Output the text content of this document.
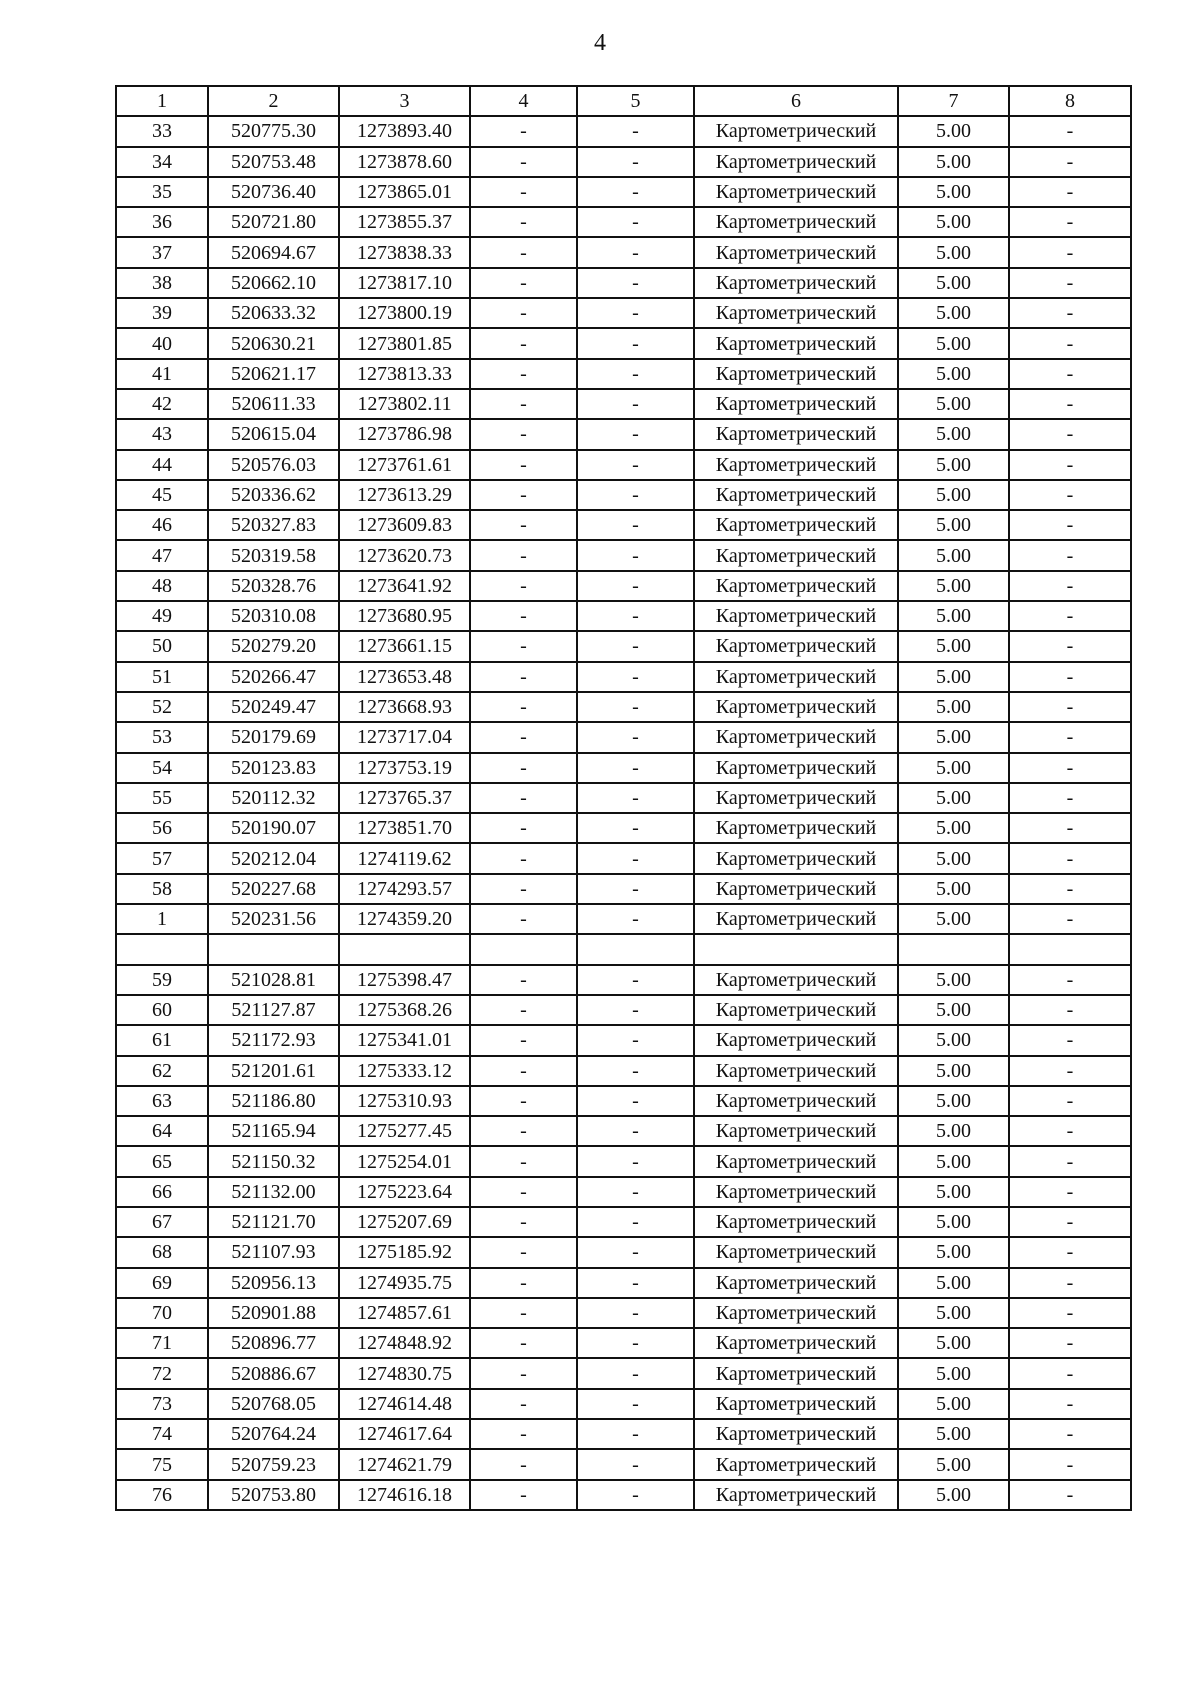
4
1	2	3	4	5	6	7	8
33	520775.30	1273893.40	-	-	Картометрический	5.00	-
34	520753.48	1273878.60	-	-	Картометрический	5.00	-
35	520736.40	1273865.01	-	-	Картометрический	5.00	-
36	520721.80	1273855.37	-	-	Картометрический	5.00	-
37	520694.67	1273838.33	-	-	Картометрический	5.00	-
38	520662.10	1273817.10	-	-	Картометрический	5.00	-
39	520633.32	1273800.19	-	-	Картометрический	5.00	-
40	520630.21	1273801.85	-	-	Картометрический	5.00	-
41	520621.17	1273813.33	-	-	Картометрический	5.00	-
42	520611.33	1273802.11	-	-	Картометрический	5.00	-
43	520615.04	1273786.98	-	-	Картометрический	5.00	-
44	520576.03	1273761.61	-	-	Картометрический	5.00	-
45	520336.62	1273613.29	-	-	Картометрический	5.00	-
46	520327.83	1273609.83	-	-	Картометрический	5.00	-
47	520319.58	1273620.73	-	-	Картометрический	5.00	-
48	520328.76	1273641.92	-	-	Картометрический	5.00	-
49	520310.08	1273680.95	-	-	Картометрический	5.00	-
50	520279.20	1273661.15	-	-	Картометрический	5.00	-
51	520266.47	1273653.48	-	-	Картометрический	5.00	-
52	520249.47	1273668.93	-	-	Картометрический	5.00	-
53	520179.69	1273717.04	-	-	Картометрический	5.00	-
54	520123.83	1273753.19	-	-	Картометрический	5.00	-
55	520112.32	1273765.37	-	-	Картометрический	5.00	-
56	520190.07	1273851.70	-	-	Картометрический	5.00	-
57	520212.04	1274119.62	-	-	Картометрический	5.00	-
58	520227.68	1274293.57	-	-	Картометрический	5.00	-
1	520231.56	1274359.20	-	-	Картометрический	5.00	-

59	521028.81	1275398.47	-	-	Картометрический	5.00	-
60	521127.87	1275368.26	-	-	Картометрический	5.00	-
61	521172.93	1275341.01	-	-	Картометрический	5.00	-
62	521201.61	1275333.12	-	-	Картометрический	5.00	-
63	521186.80	1275310.93	-	-	Картометрический	5.00	-
64	521165.94	1275277.45	-	-	Картометрический	5.00	-
65	521150.32	1275254.01	-	-	Картометрический	5.00	-
66	521132.00	1275223.64	-	-	Картометрический	5.00	-
67	521121.70	1275207.69	-	-	Картометрический	5.00	-
68	521107.93	1275185.92	-	-	Картометрический	5.00	-
69	520956.13	1274935.75	-	-	Картометрический	5.00	-
70	520901.88	1274857.61	-	-	Картометрический	5.00	-
71	520896.77	1274848.92	-	-	Картометрический	5.00	-
72	520886.67	1274830.75	-	-	Картометрический	5.00	-
73	520768.05	1274614.48	-	-	Картометрический	5.00	-
74	520764.24	1274617.64	-	-	Картометрический	5.00	-
75	520759.23	1274621.79	-	-	Картометрический	5.00	-
76	520753.80	1274616.18	-	-	Картометрический	5.00	-
